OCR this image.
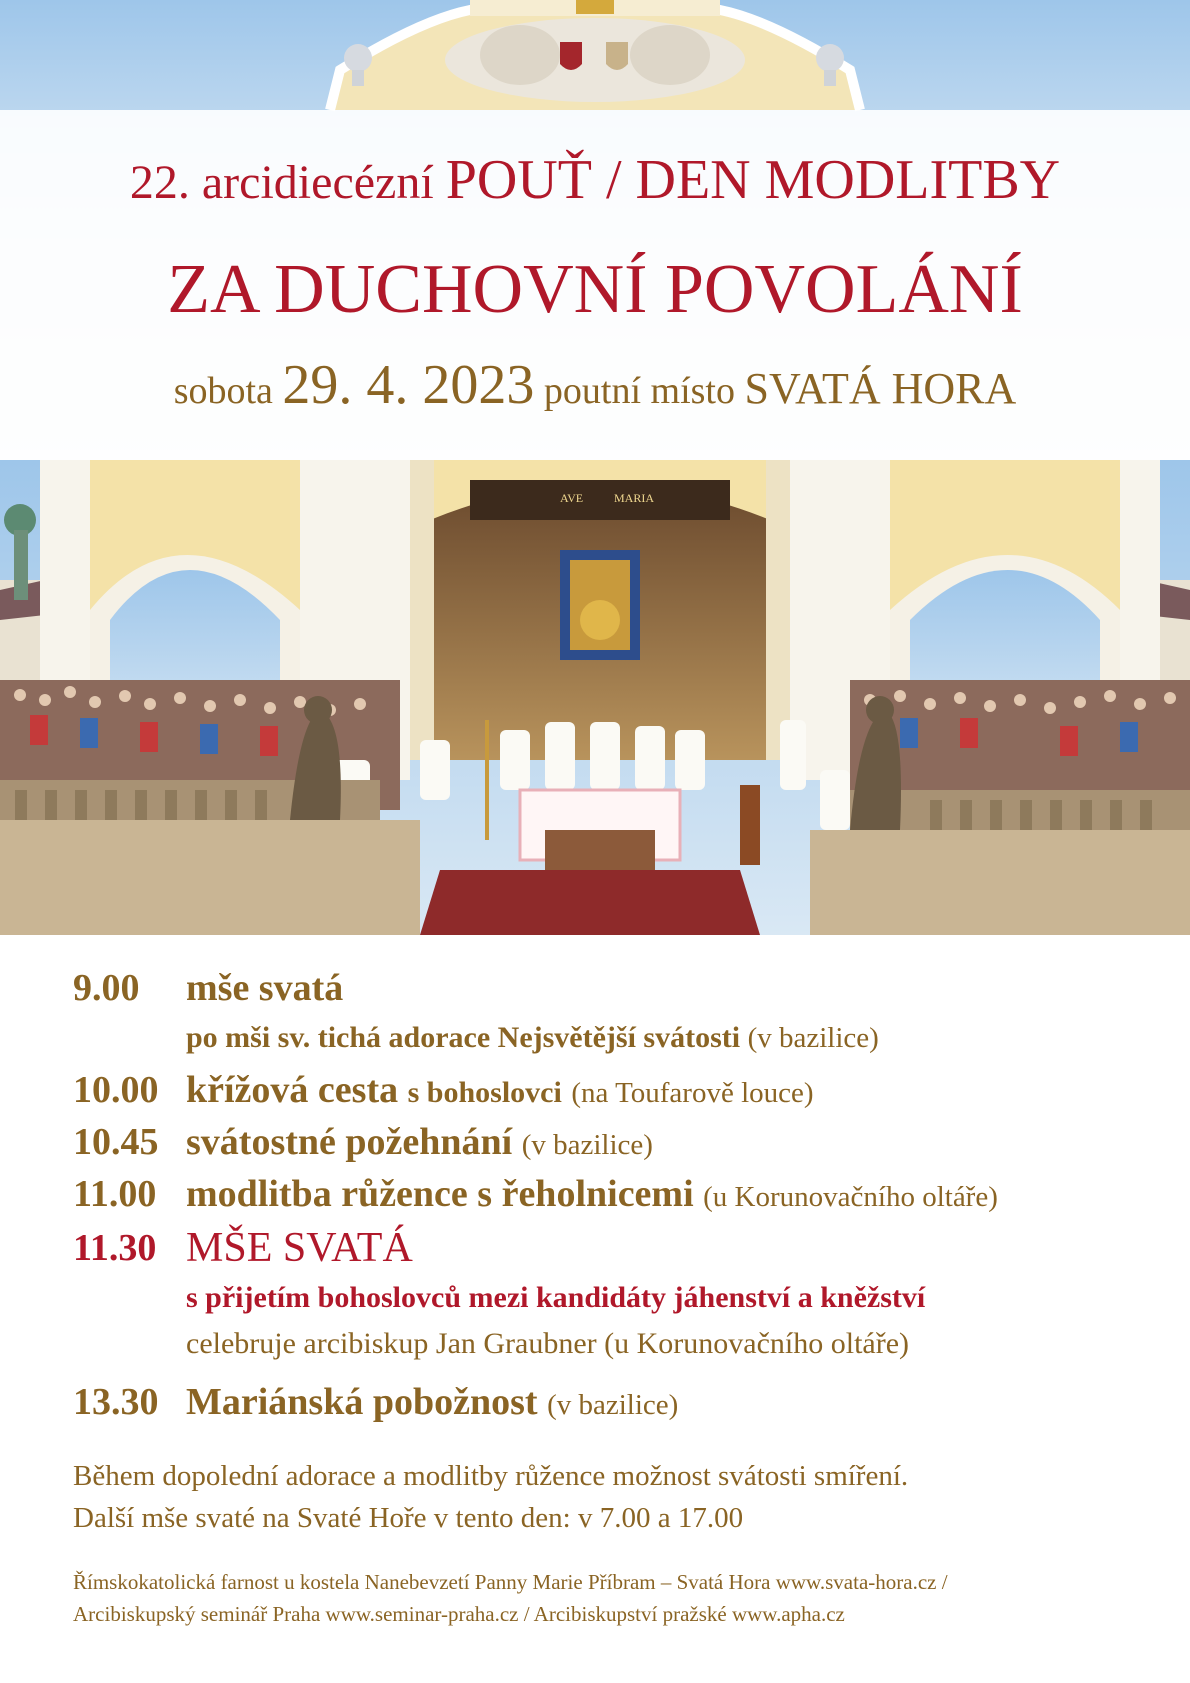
22. arcidiecézní POUŤ / DEN MODLITBY
ZA DUCHOVNÍ POVOLÁNÍ
sobota 29. 4. 2023 poutní místo SVATÁ HORA
AVE	MARIA
9.00 mše svatá
po mši sv. tichá adorace Nejsvětější svátosti (v bazilice)
10.00 křížová cesta s bohoslovci (na Toufarově louce)
10.45 svátostné požehnání (v bazilice)
11.00 modlitba růžence s řeholnicemi (u Korunovačního oltáře)
11.30 MŠE SVATÁ
s přijetím bohoslovců mezi kandidáty jáhenství a kněžství
celebruje arcibiskup Jan Graubner (u Korunovačního oltáře)
13.30 Mariánská pobožnost (v bazilice)
Během dopolední adorace a modlitby růžence možnost svátosti smíření.
Další mše svaté na Svaté Hoře v tento den: v 7.00 a 17.00
Římskokatolická farnost u kostela Nanebevzetí Panny Marie Příbram – Svatá Hora www.svata-hora.cz /
Arcibiskupský seminář Praha www.seminar-praha.cz / Arcibiskupství pražské www.apha.cz
